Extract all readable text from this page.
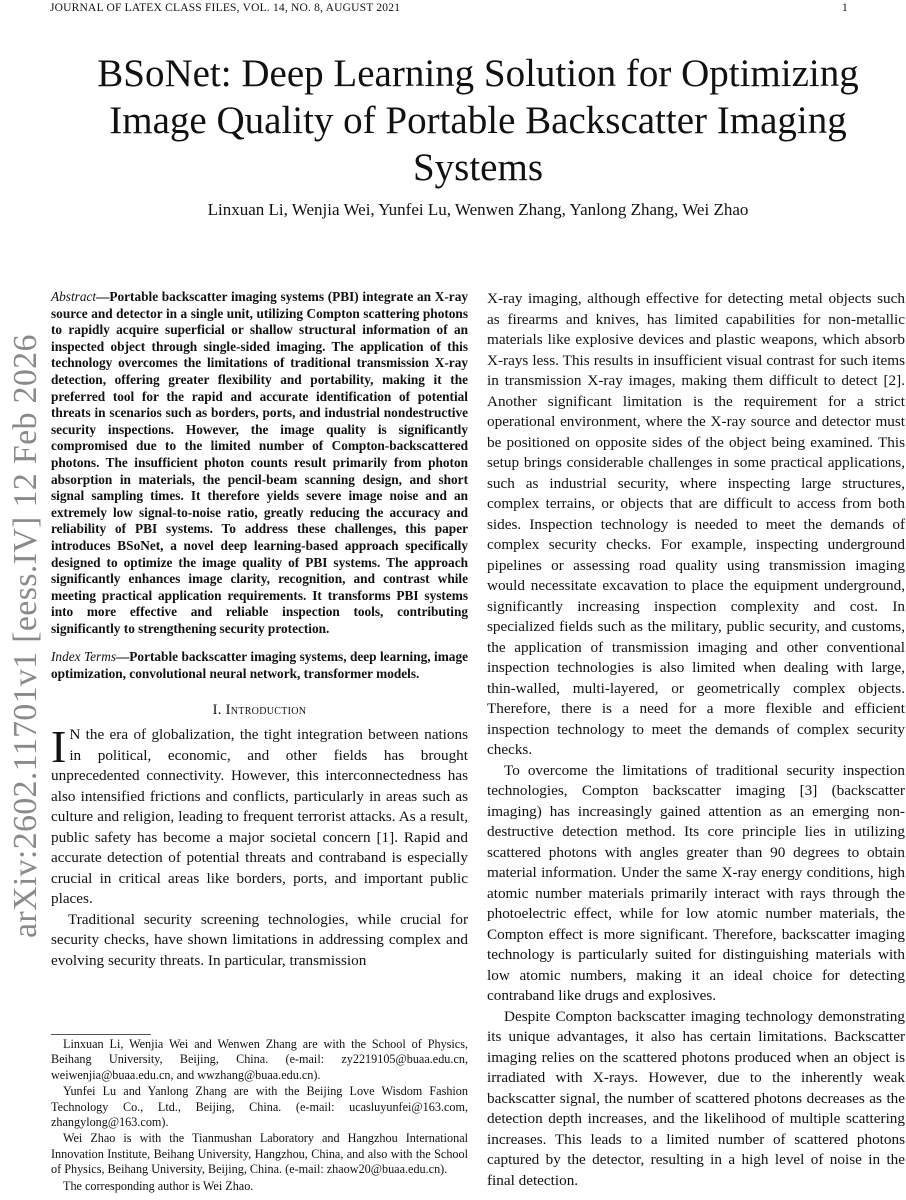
JOURNAL OF LATEX CLASS FILES, VOL. 14, NO. 8, AUGUST 2021	1
arXiv:2602.11701v1 [eess.IV] 12 Feb 2026
BSoNet: Deep Learning Solution for Optimizing Image Quality of Portable Backscatter Imaging Systems
Linxuan Li, Wenjia Wei, Yunfei Lu, Wenwen Zhang, Yanlong Zhang, Wei Zhao

Abstract—Portable backscatter imaging systems (PBI) integrate an X-ray source and detector in a single unit, utilizing Compton scattering photons to rapidly acquire superficial or shallow structural information of an inspected object through single-sided imaging. The application of this technology overcomes the limitations of traditional transmission X-ray detection, offering greater flexibility and portability, making it the preferred tool for the rapid and accurate identification of potential threats in scenarios such as borders, ports, and industrial nondestructive security inspections. However, the image quality is significantly compromised due to the limited number of Compton-backscattered photons. The insufficient photon counts result primarily from photon absorption in materials, the pencil-beam scanning design, and short signal sampling times. It therefore yields severe image noise and an extremely low signal-to-noise ratio, greatly reducing the accuracy and reliability of PBI systems. To address these challenges, this paper introduces BSoNet, a novel deep learning-based approach specifically designed to optimize the image quality of PBI systems. The approach significantly enhances image clarity, recognition, and contrast while meeting practical application requirements. It transforms PBI systems into more effective and reliable inspection tools, contributing significantly to strengthening security protection.

Index Terms—Portable backscatter imaging systems, deep learning, image optimization, convolutional neural network, transformer models.

I. Introduction

I N the era of globalization, the tight integration between nations in political, economic, and other fields has brought unprecedented connectivity. However, this interconnectedness has also intensified frictions and conflicts, particularly in areas such as culture and religion, leading to frequent terrorist attacks. As a result, public safety has become a major societal concern [1]. Rapid and accurate detection of potential threats and contraband is especially crucial in critical areas like borders, ports, and important public places.

Traditional security screening technologies, while crucial for security checks, have shown limitations in addressing complex and evolving security threats. In particular, transmission

Linxuan Li, Wenjia Wei and Wenwen Zhang are with the School of Physics, Beihang University, Beijing, China. (e-mail: zy2219105@buaa.edu.cn, weiwenjia@buaa.edu.cn, and wwzhang@buaa.edu.cn).

Yunfei Lu and Yanlong Zhang are with the Beijing Love Wisdom Fashion Technology Co., Ltd., Beijing, China. (e-mail: ucasluyunfei@163.com, zhangylong@163.com).

Wei Zhao is with the Tianmushan Laboratory and Hangzhou International Innovation Institute, Beihang University, Hangzhou, China, and also with the School of Physics, Beihang University, Beijing, China. (e-mail: zhaow20@buaa.edu.cn).

The corresponding author is Wei Zhao.

X-ray imaging, although effective for detecting metal objects such as firearms and knives, has limited capabilities for non-metallic materials like explosive devices and plastic weapons, which absorb X-rays less. This results in insufficient visual contrast for such items in transmission X-ray images, making them difficult to detect [2]. Another significant limitation is the requirement for a strict operational environment, where the X-ray source and detector must be positioned on opposite sides of the object being examined. This setup brings considerable challenges in some practical applications, such as industrial security, where inspecting large structures, complex terrains, or objects that are difficult to access from both sides. Inspection technology is needed to meet the demands of complex security checks. For example, inspecting underground pipelines or assessing road quality using transmission imaging would necessitate excavation to place the equipment underground, significantly increasing inspection complexity and cost. In specialized fields such as the military, public security, and customs, the application of transmission imaging and other conventional inspection technologies is also limited when dealing with large, thin-walled, multi-layered, or geometrically complex objects. Therefore, there is a need for a more flexible and efficient inspection technology to meet the demands of complex security checks.

To overcome the limitations of traditional security inspection technologies, Compton backscatter imaging [3] (backscatter imaging) has increasingly gained attention as an emerging non-destructive detection method. Its core principle lies in utilizing scattered photons with angles greater than 90 degrees to obtain material information. Under the same X-ray energy conditions, high atomic number materials primarily interact with rays through the photoelectric effect, while for low atomic number materials, the Compton effect is more significant. Therefore, backscatter imaging technology is particularly suited for distinguishing materials with low atomic numbers, making it an ideal choice for detecting contraband like drugs and explosives.

Despite Compton backscatter imaging technology demonstrating its unique advantages, it also has certain limitations. Backscatter imaging relies on the scattered photons produced when an object is irradiated with X-rays. However, due to the inherently weak backscatter signal, the number of scattered photons decreases as the detection depth increases, and the likelihood of multiple scattering increases. This leads to a limited number of scattered photons captured by the detector, resulting in a high level of noise in the final detection.
